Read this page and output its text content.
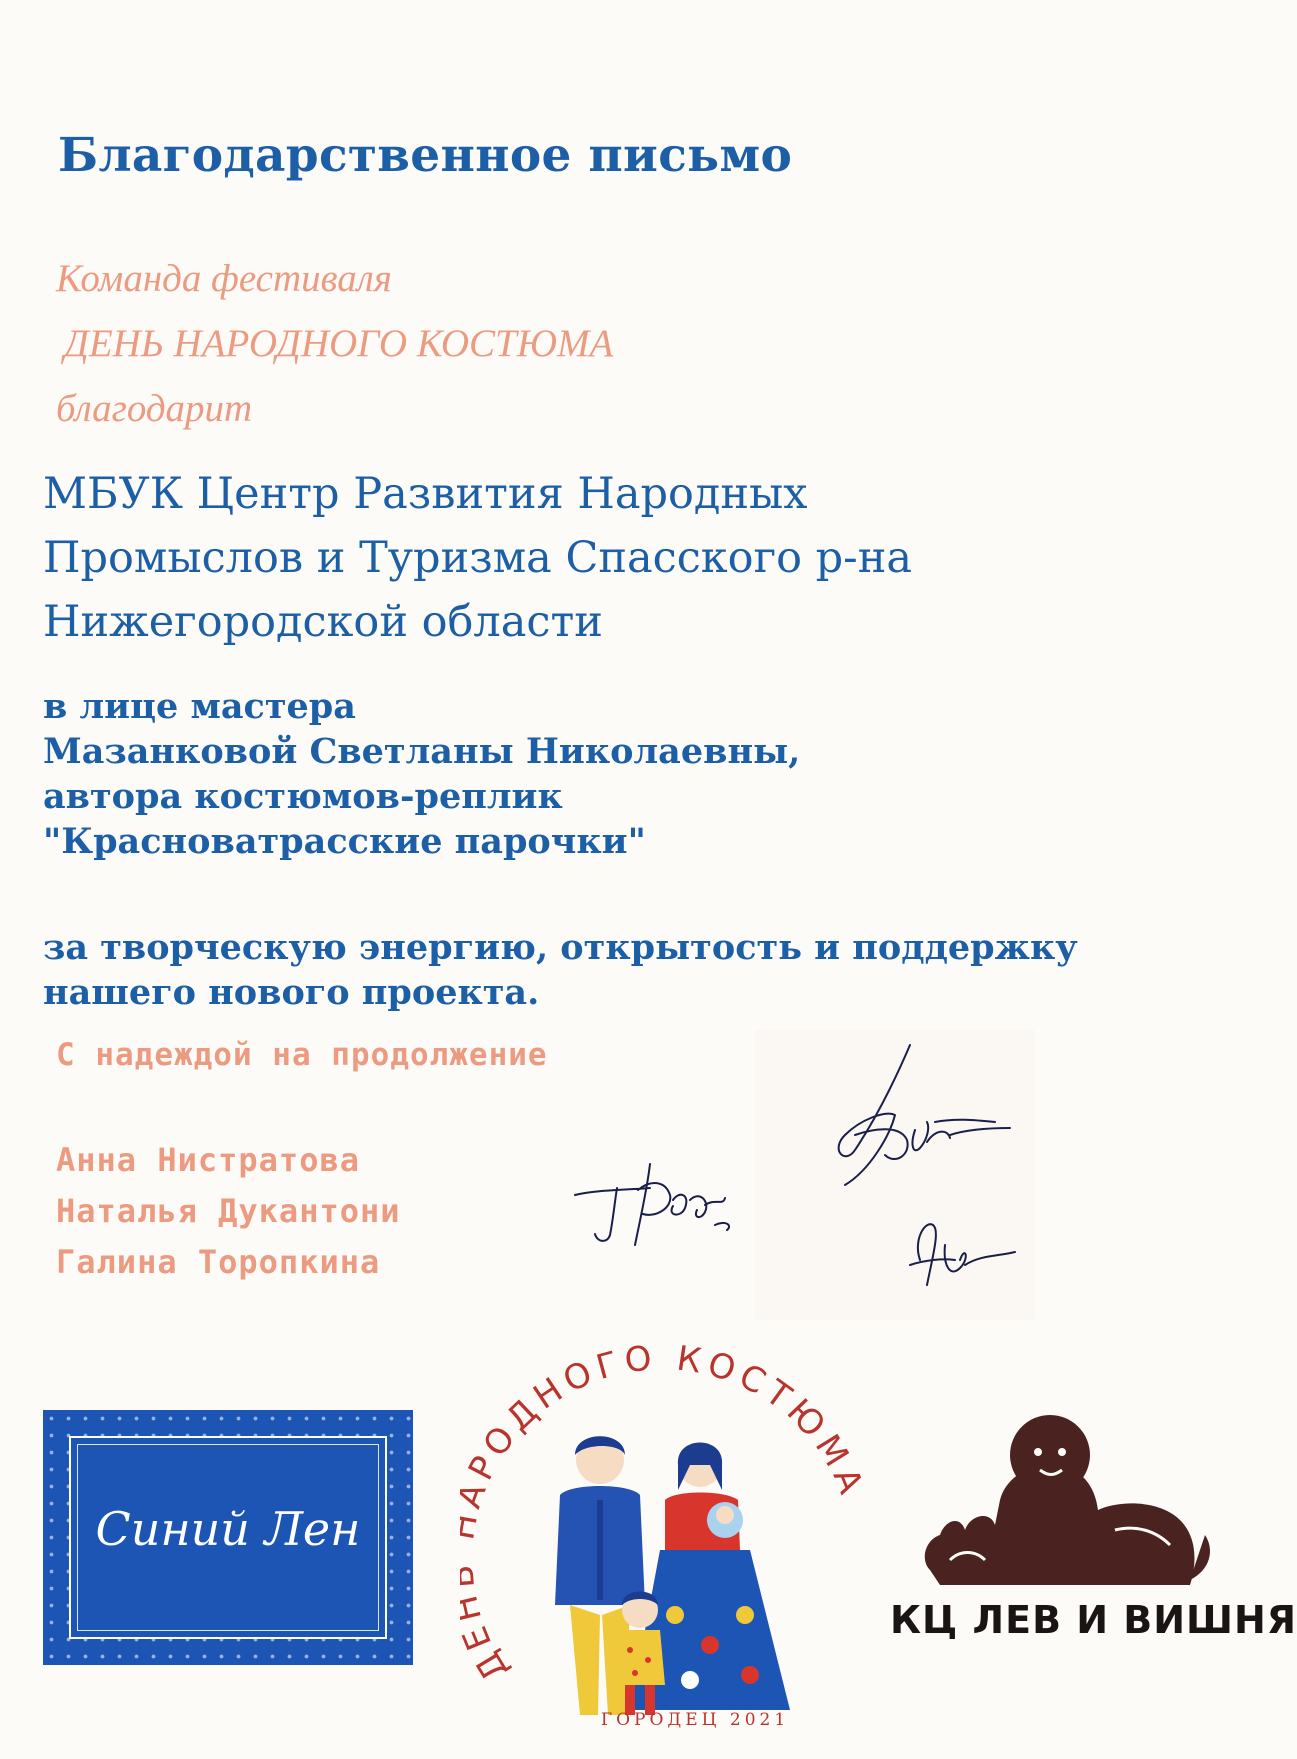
Благодарственное письмо
Команда фестиваля
ДЕНЬ НАРОДНОГО КОСТЮМА
благодарит
МБУК Центр Развития Народных
Промыслов и Туризма Спасского р-на
Нижегородской области
в лице мастера
Мазанковой Светланы Николаевны,
автора костюмов-реплик
"Красноватрасские парочки"
за творческую энергию, открытость и поддержку
нашего нового проекта.
С надеждой на продолжение
Анна Нистратова
Наталья Дукантони
Галина Торопкина
Синий Лен
Д РОДНОГО КОСТЮМА
ГОРОДЕЦ 2021
КЦ ЛЕВ И ВИШНЯ
